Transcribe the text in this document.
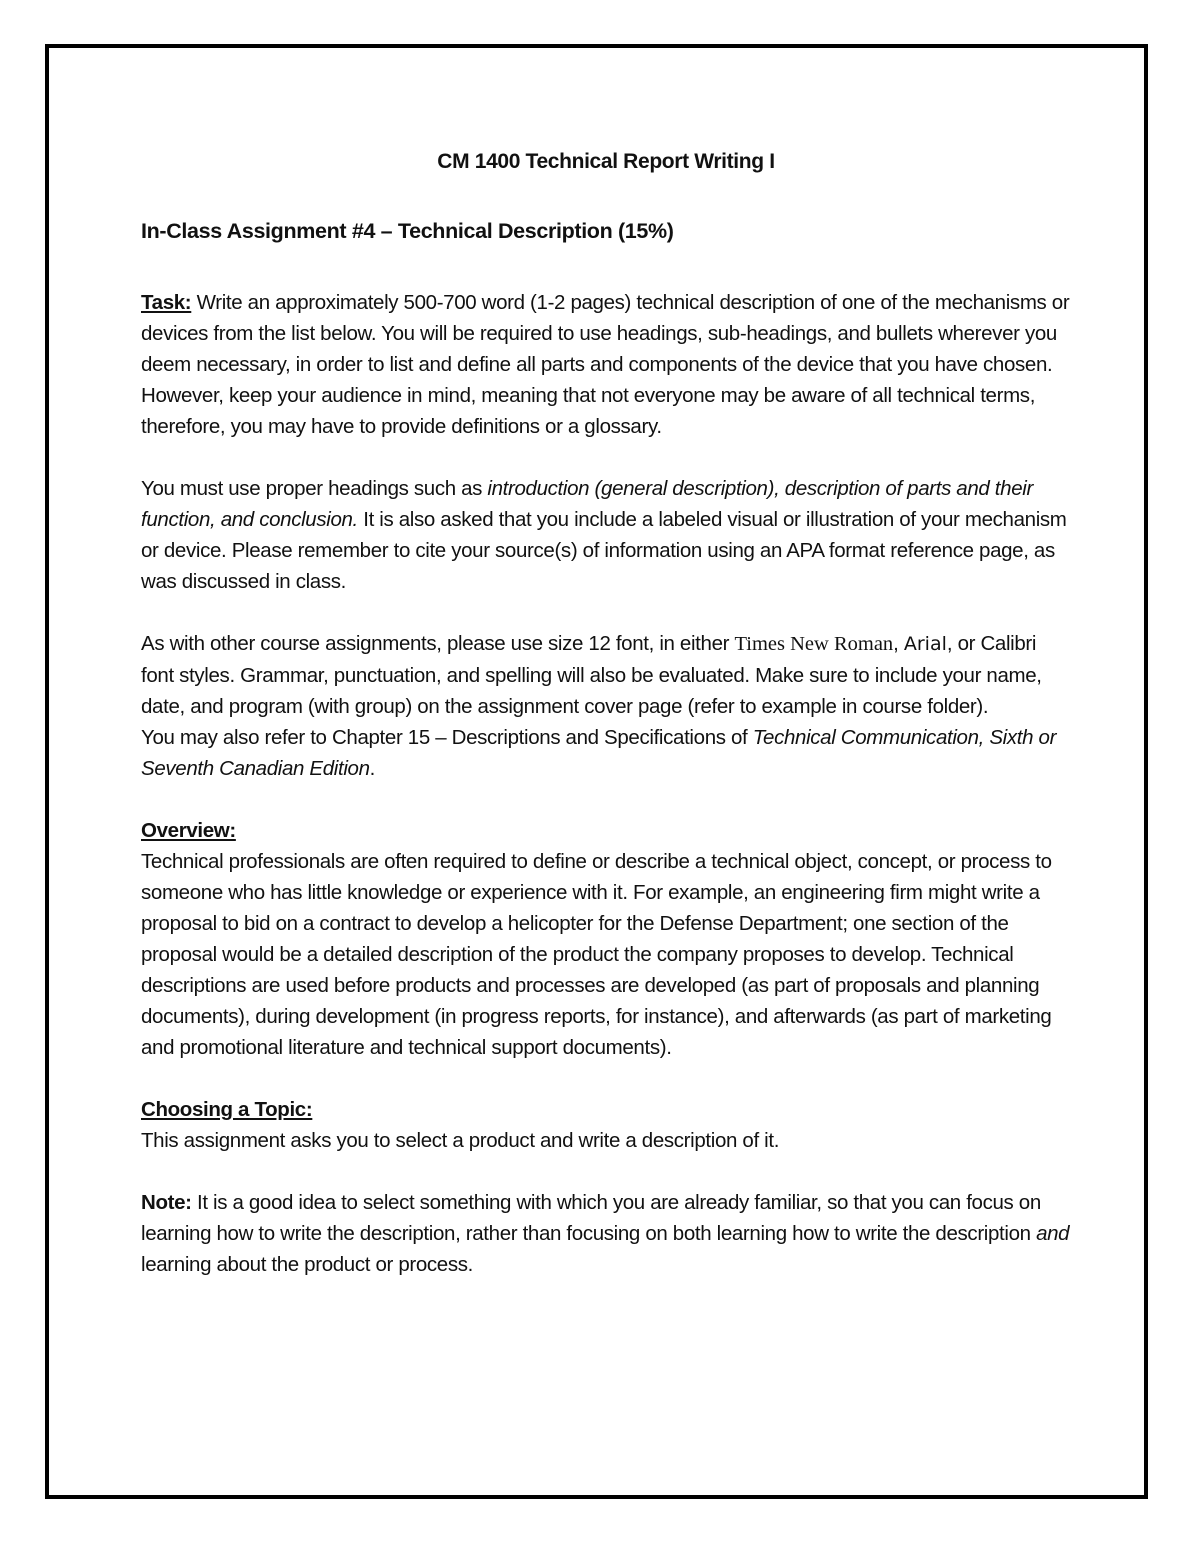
CM 1400 Technical Report Writing I
In-Class Assignment #4 – Technical Description (15%)

Task: Write an approximately 500-700 word (1-2 pages) technical description of one of the mechanisms or devices from the list below. You will be required to use headings, sub-headings, and bullets wherever you deem necessary, in order to list and define all parts and components of the device that you have chosen. However, keep your audience in mind, meaning that not everyone may be aware of all technical terms, therefore, you may have to provide definitions or a glossary.

You must use proper headings such as introduction (general description), description of parts and their function, and conclusion. It is also asked that you include a labeled visual or illustration of your mechanism or device. Please remember to cite your source(s) of information using an APA format reference page, as was discussed in class.

As with other course assignments, please use size 12 font, in either Times New Roman, Arial, or Calibri font styles. Grammar, punctuation, and spelling will also be evaluated. Make sure to include your name, date, and program (with group) on the assignment cover page (refer to example in course folder).

You may also refer to Chapter 15 – Descriptions and Specifications of Technical Communication, Sixth or Seventh Canadian Edition.

Overview:

Technical professionals are often required to define or describe a technical object, concept, or process to someone who has little knowledge or experience with it. For example, an engineering firm might write a proposal to bid on a contract to develop a helicopter for the Defense Department; one section of the proposal would be a detailed description of the product the company proposes to develop. Technical descriptions are used before products and processes are developed (as part of proposals and planning documents), during development (in progress reports, for instance), and afterwards (as part of marketing and promotional literature and technical support documents).

Choosing a Topic:

This assignment asks you to select a product and write a description of it.

Note: It is a good idea to select something with which you are already familiar, so that you can focus on learning how to write the description, rather than focusing on both learning how to write the description and learning about the product or process.
